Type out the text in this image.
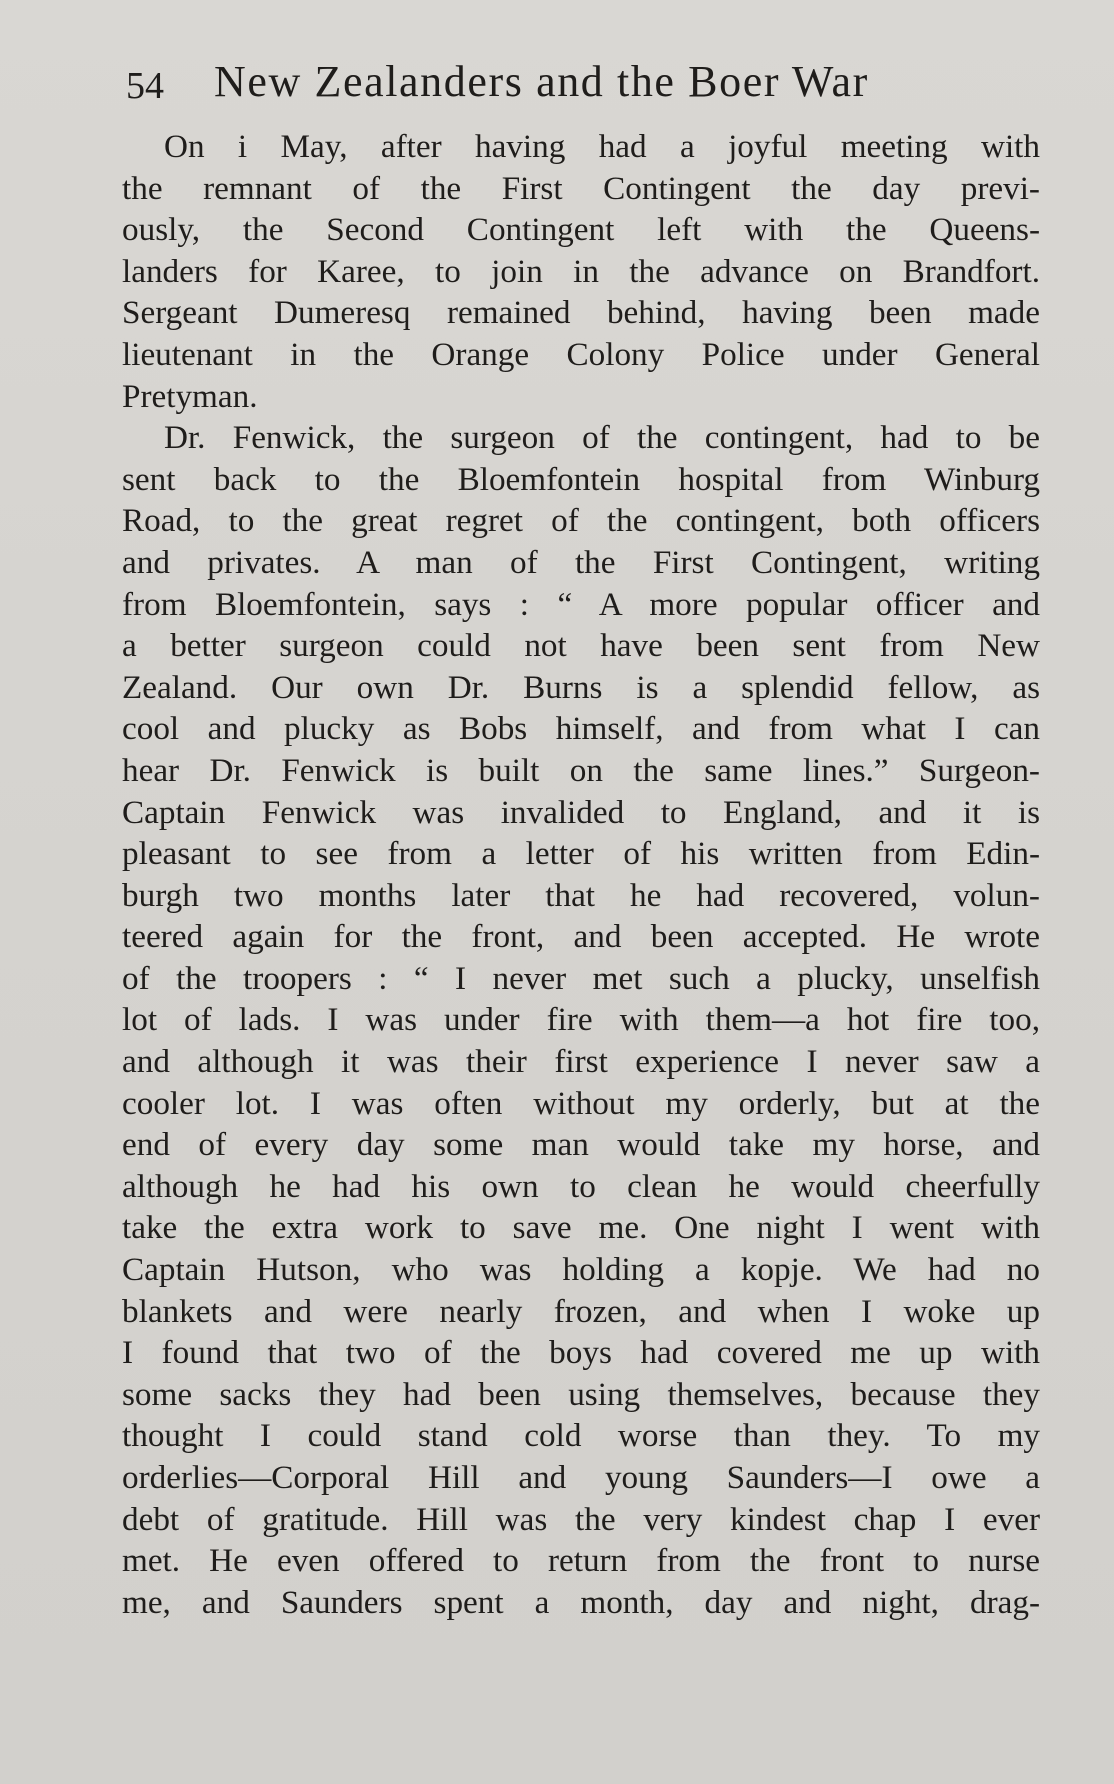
54 New Zealanders and the Boer War
On i May, after having had a joyful meeting with
the remnant of the First Contingent the day previ-
ously, the Second Contingent left with the Queens-
landers for Karee, to join in the advance on Brandfort.
Sergeant Dumeresq remained behind, having been made
lieutenant in the Orange Colony Police under General
Pretyman.
Dr. Fenwick, the surgeon of the contingent, had to be
sent back to the Bloemfontein hospital from Winburg
Road, to the great regret of the contingent, both officers
and privates. A man of the First Contingent, writing
from Bloemfontein, says : “ A more popular officer and
a better surgeon could not have been sent from New
Zealand. Our own Dr. Burns is a splendid fellow, as
cool and plucky as Bobs himself, and from what I can
hear Dr. Fenwick is built on the same lines.” Surgeon-
Captain Fenwick was invalided to England, and it is
pleasant to see from a letter of his written from Edin-
burgh two months later that he had recovered, volun-
teered again for the front, and been accepted. He wrote
of the troopers : “ I never met such a plucky, unselfish
lot of lads. I was under fire with them—a hot fire too,
and although it was their first experience I never saw a
cooler lot. I was often without my orderly, but at the
end of every day some man would take my horse, and
although he had his own to clean he would cheerfully
take the extra work to save me. One night I went with
Captain Hutson, who was holding a kopje. We had no
blankets and were nearly frozen, and when I woke up
I found that two of the boys had covered me up with
some sacks they had been using themselves, because they
thought I could stand cold worse than they. To my
orderlies—Corporal Hill and young Saunders—I owe a
debt of gratitude. Hill was the very kindest chap I ever
met. He even offered to return from the front to nurse
me, and Saunders spent a month, day and night, drag-
